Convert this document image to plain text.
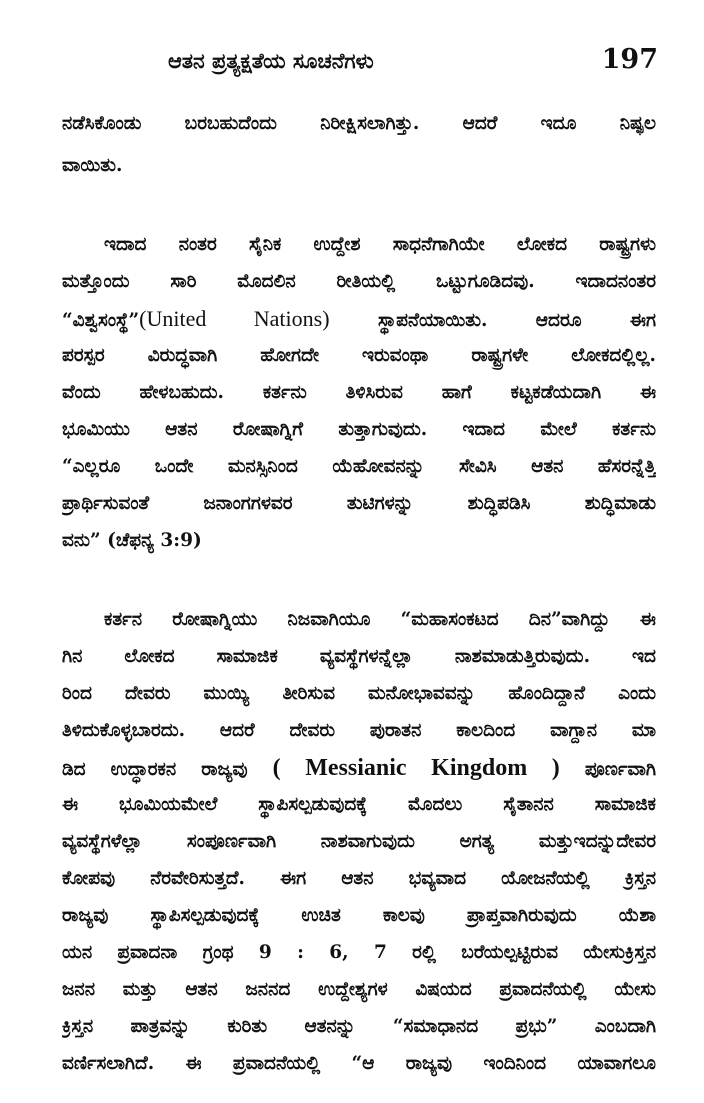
ಆತನ ಪ್ರತ್ಯಕ್ಷತೆಯ ಸೂಚನೆಗಳು	197
ನಡೆಸಿಕೊಂಡು ಬರಬಹುದೆಂದು ನಿರೀಕ್ಷಿಸಲಾಗಿತ್ತು. ಆದರೆ ಇದೂ ನಿಷ್ಫಲ
ವಾಯಿತು.
ಇದಾದ ನಂತರ ಸೈನಿಕ ಉದ್ದೇಶ ಸಾಧನೆಗಾಗಿಯೇ ಲೋಕದ ರಾಷ್ಟ್ರಗಳು
ಮತ್ತೊಂದು ಸಾರಿ ಮೊದಲಿನ ರೀತಿಯಲ್ಲಿ ಒಟ್ಟುಗೂಡಿದವು. ಇದಾದನಂತರ
“ವಿಶ್ವಸಂಸ್ಥೆ”(United Nations) ಸ್ಥಾಪನೆಯಾಯಿತು. ಆದರೂ ಈಗ
ಪರಸ್ಪರ ವಿರುದ್ಧವಾಗಿ ಹೋಗದೇ ಇರುವಂಥಾ ರಾಷ್ಟ್ರಗಳೇ ಲೋಕದಲ್ಲಿಲ್ಲ.
ವೆಂದು ಹೇಳಬಹುದು. ಕರ್ತನು ತಿಳಿಸಿರುವ ಹಾಗೆ ಕಟ್ಟಕಡೆಯದಾಗಿ ಈ
ಭೂಮಿಯು ಆತನ ರೋಷಾಗ್ನಿಗೆ ತುತ್ತಾಗುವುದು. ಇದಾದ ಮೇಲೆ ಕರ್ತನು
“ಎಲ್ಲರೂ ಒಂದೇ ಮನಸ್ಸಿನಿಂದ ಯೆಹೋವನನ್ನು ಸೇವಿಸಿ ಆತನ ಹೆಸರನ್ನೆತ್ತಿ
ಪ್ರಾರ್ಥಿಸುವಂತೆ ಜನಾಂಗಗಳವರ ತುಟಿಗಳನ್ನು ಶುದ್ಧಿಪಡಿಸಿ ಶುದ್ಧಿಮಾಡು
ವನು” (ಚೆಫನ್ಯ 3:9)
ಕರ್ತನ ರೋಷಾಗ್ನಿಯು ನಿಜವಾಗಿಯೂ “ಮಹಾಸಂಕಟದ ದಿನ”ವಾಗಿದ್ದು ಈ
ಗಿನ ಲೋಕದ ಸಾಮಾಜಿಕ ವ್ಯವಸ್ಥೆಗಳನ್ನೆಲ್ಲಾ ನಾಶಮಾಡುತ್ತಿರುವುದು. ಇದ
ರಿಂದ ದೇವರು ಮುಯ್ಯಿ ತೀರಿಸುವ ಮನೋಭಾವವನ್ನು ಹೊಂದಿದ್ದಾನೆ ಎಂದು
ತಿಳಿದುಕೊಳ್ಳಬಾರದು. ಆದರೆ ದೇವರು ಪುರಾತನ ಕಾಲದಿಂದ ವಾಗ್ದಾನ ಮಾ
ಡಿದ ಉದ್ಧಾರಕನ ರಾಜ್ಯವು ( Messianic Kingdom ) ಪೂರ್ಣವಾಗಿ
ಈ ಭೂಮಿಯಮೇಲೆ ಸ್ಥಾಪಿಸಲ್ಪಡುವುದಕ್ಕೆ ಮೊದಲು ಸೈತಾನನ ಸಾಮಾಜಿಕ
ವ್ಯವಸ್ಥೆಗಳೆಲ್ಲಾ ಸಂಪೂರ್ಣವಾಗಿ ನಾಶವಾಗುವುದು ಅಗತ್ಯ ಮತ್ತುಇದನ್ನುದೇವರ
ಕೋಪವು ನೆರವೇರಿಸುತ್ತದೆ. ಈಗ ಆತನ ಭವ್ಯವಾದ ಯೋಜನೆಯಲ್ಲಿ ಕ್ರಿಸ್ತನ
ರಾಜ್ಯವು ಸ್ಥಾಪಿಸಲ್ಪಡುವುದಕ್ಕೆ ಉಚಿತ ಕಾಲವು ಪ್ರಾಪ್ತವಾಗಿರುವುದು ಯೆಶಾ
ಯನ ಪ್ರವಾದನಾ ಗ್ರಂಥ 9 : 6, 7 ರಲ್ಲಿ ಬರೆಯಲ್ಪಟ್ಟಿರುವ ಯೇಸುಕ್ರಿಸ್ತನ
ಜನನ ಮತ್ತು ಆತನ ಜನನದ ಉದ್ದೇಶ್ಯಗಳ ವಿಷಯದ ಪ್ರವಾದನೆಯಲ್ಲಿ ಯೇಸು
ಕ್ರಿಸ್ತನ ಪಾತ್ರವನ್ನು ಕುರಿತು ಆತನನ್ನು “ಸಮಾಧಾನದ ಪ್ರಭು” ಎಂಬದಾಗಿ
ವರ್ಣಿಸಲಾಗಿದೆ. ಈ ಪ್ರವಾದನೆಯಲ್ಲಿ “ಆ ರಾಜ್ಯವು ಇಂದಿನಿಂದ ಯಾವಾಗಲೂ
